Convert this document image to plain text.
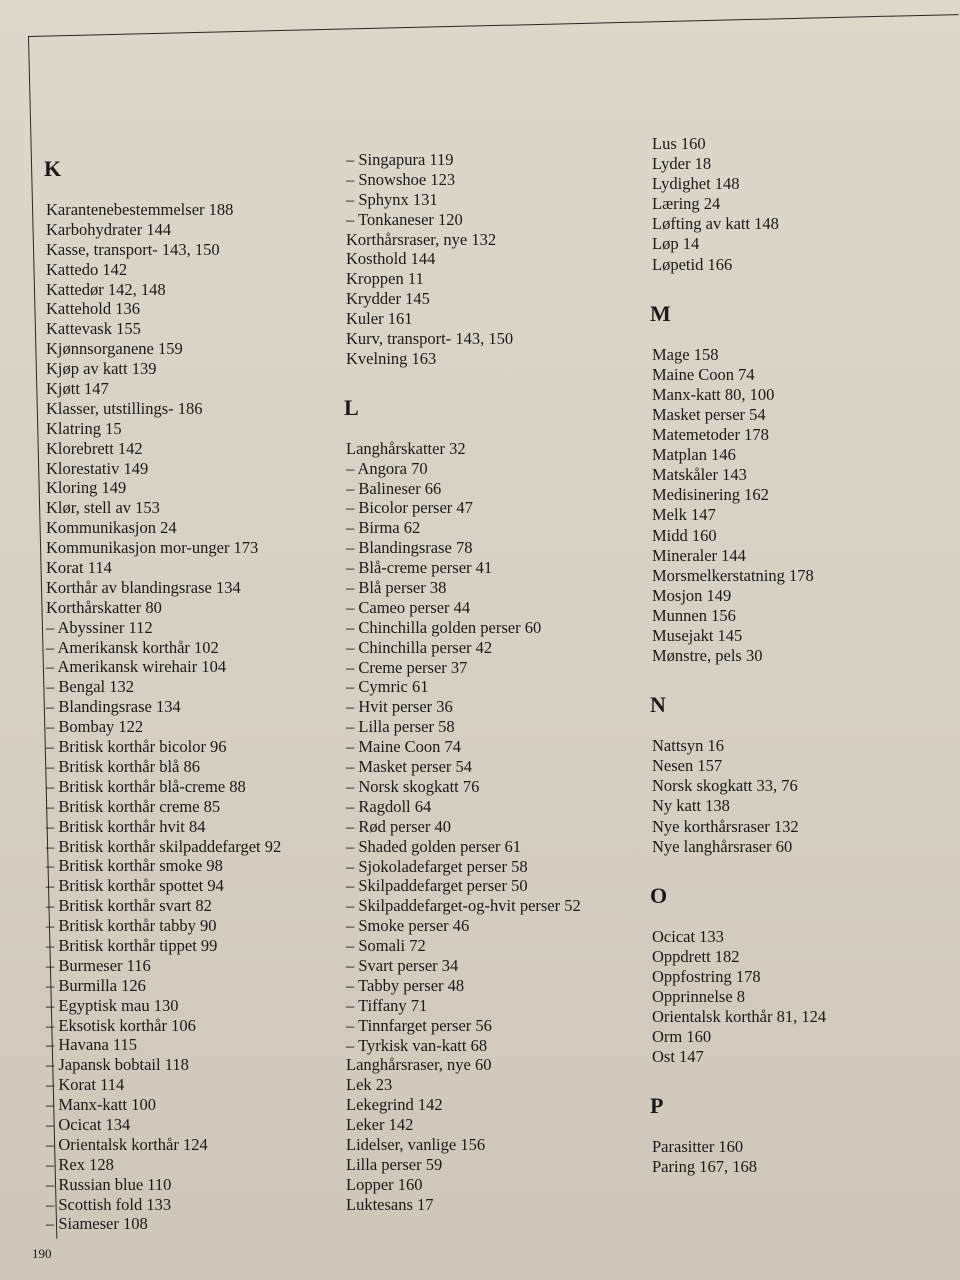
K
Karantenebestemmelser 188
Karbohydrater 144
Kasse, transport- 143, 150
Kattedo 142
Kattedør 142, 148
Kattehold 136
Kattevask 155
Kjønnsorganene 159
Kjøp av katt 139
Kjøtt 147
Klasser, utstillings- 186
Klatring 15
Klorebrett 142
Klorestativ 149
Kloring 149
Klør, stell av 153
Kommunikasjon 24
Kommunikasjon mor-unger 173
Korat 114
Korthår av blandingsrase 134
Korthårskatter 80
– Abyssiner 112
– Amerikansk korthår 102
– Amerikansk wirehair 104
– Bengal 132
– Blandingsrase 134
– Bombay 122
– Britisk korthår bicolor 96
– Britisk korthår blå 86
– Britisk korthår blå-creme 88
– Britisk korthår creme 85
– Britisk korthår hvit 84
– Britisk korthår skilpaddefarget 92
– Britisk korthår smoke 98
– Britisk korthår spottet 94
– Britisk korthår svart 82
– Britisk korthår tabby 90
– Britisk korthår tippet 99
– Burmeser 116
– Burmilla 126
– Egyptisk mau 130
– Eksotisk korthår 106
– Havana 115
– Japansk bobtail 118
– Korat 114
– Manx-katt 100
– Ocicat 134
– Orientalsk korthår 124
– Rex 128
– Russian blue 110
– Scottish fold 133
– Siameser 108
– Singapura 119
– Snowshoe 123
– Sphynx 131
– Tonkaneser 120
Korthårsraser, nye 132
Kosthold 144
Kroppen 11
Krydder 145
Kuler 161
Kurv, transport- 143, 150
Kvelning 163
L
Langhårskatter 32
– Angora 70
– Balineser 66
– Bicolor perser 47
– Birma 62
– Blandingsrase 78
– Blå-creme perser 41
– Blå perser 38
– Cameo perser 44
– Chinchilla golden perser 60
– Chinchilla perser 42
– Creme perser 37
– Cymric 61
– Hvit perser 36
– Lilla perser 58
– Maine Coon 74
– Masket perser 54
– Norsk skogkatt 76
– Ragdoll 64
– Rød perser 40
– Shaded golden perser 61
– Sjokoladefarget perser 58
– Skilpaddefarget perser 50
– Skilpaddefarget-og-hvit perser 52
– Smoke perser 46
– Somali 72
– Svart perser 34
– Tabby perser 48
– Tiffany 71
– Tinnfarget perser 56
– Tyrkisk van-katt 68
Langhårsraser, nye 60
Lek 23
Lekegrind 142
Leker 142
Lidelser, vanlige 156
Lilla perser 59
Lopper 160
Luktesans 17
Lus 160
Lyder 18
Lydighet 148
Læring 24
Løfting av katt 148
Løp 14
Løpetid 166
M
Mage 158
Maine Coon 74
Manx-katt 80, 100
Masket perser 54
Matemetoder 178
Matplan 146
Matskåler 143
Medisinering 162
Melk 147
Midd 160
Mineraler 144
Morsmelkerstatning 178
Mosjon 149
Munnen 156
Musejakt 145
Mønstre, pels 30
N
Nattsyn 16
Nesen 157
Norsk skogkatt 33, 76
Ny katt 138
Nye korthårsraser 132
Nye langhårsraser 60
O
Ocicat 133
Oppdrett 182
Oppfostring 178
Opprinnelse 8
Orientalsk korthår 81, 124
Orm 160
Ost 147
P
Parasitter 160
Paring 167, 168
190
